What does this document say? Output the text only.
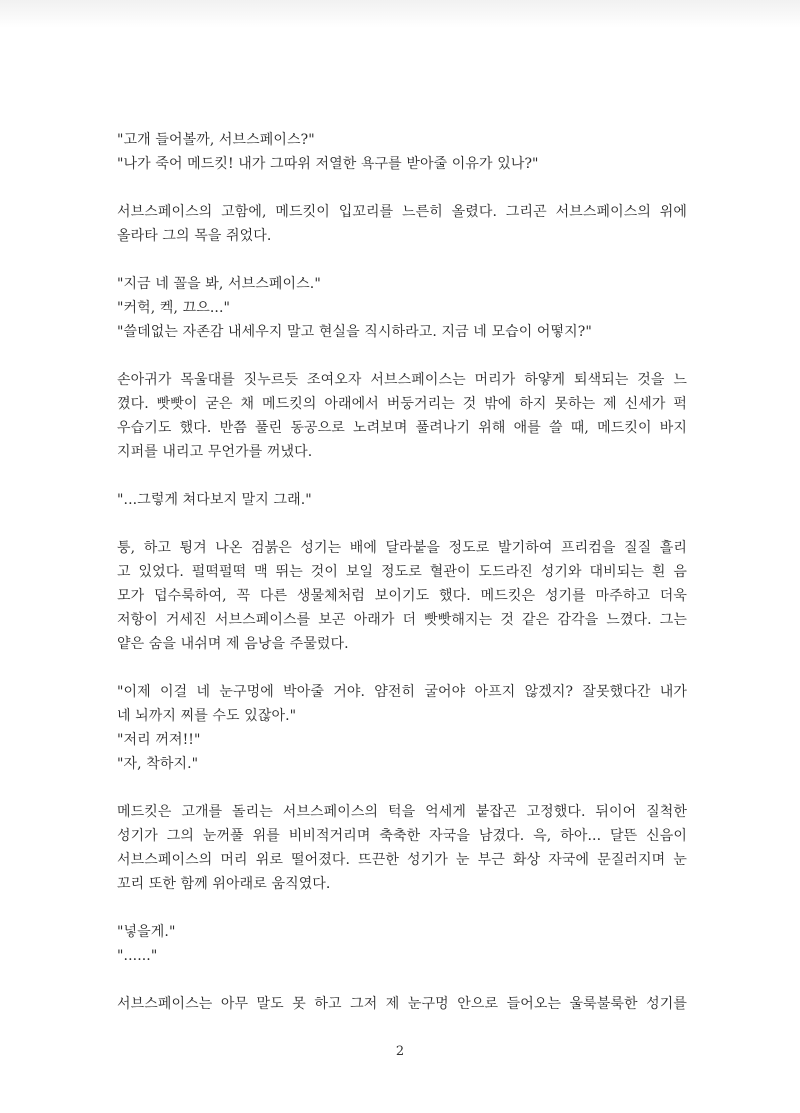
"고개 들어볼까, 서브스페이스?"
"나가 죽어 메드킷! 내가 그따위 저열한 욕구를 받아줄 이유가 있나?"
서브스페이스의 고함에, 메드킷이 입꼬리를 느른히 올렸다. 그리곤 서브스페이스의 위에
올라타 그의 목을 쥐었다.
"지금 네 꼴을 봐, 서브스페이스."
"커헉, 켁, 끄으..."
"쓸데없는 자존감 내세우지 말고 현실을 직시하라고. 지금 네 모습이 어떻지?"
손아귀가 목울대를 짓누르듯 조여오자 서브스페이스는 머리가 하얗게 퇴색되는 것을 느
꼈다. 빳빳이 굳은 채 메드킷의 아래에서 버둥거리는 것 밖에 하지 못하는 제 신세가 퍽
우습기도 했다. 반쯤 풀린 동공으로 노려보며 풀려나기 위해 애를 쓸 때, 메드킷이 바지
지퍼를 내리고 무언가를 꺼냈다.
"...그렇게 쳐다보지 말지 그래."
퉁, 하고 튕겨 나온 검붉은 성기는 배에 달라붙을 정도로 발기하여 프리컴을 질질 흘리
고 있었다. 펄떡펄떡 맥 뛰는 것이 보일 정도로 혈관이 도드라진 성기와 대비되는 흰 음
모가 덥수룩하여, 꼭 다른 생물체처럼 보이기도 했다. 메드킷은 성기를 마주하고 더욱
저항이 거세진 서브스페이스를 보곤 아래가 더 빳빳해지는 것 같은 감각을 느꼈다. 그는
얕은 숨을 내쉬며 제 음낭을 주물렀다.
"이제 이걸 네 눈구멍에 박아줄 거야. 얌전히 굴어야 아프지 않겠지? 잘못했다간 내가
네 뇌까지 찌를 수도 있잖아."
"저리 꺼져!!"
"자, 착하지."
메드킷은 고개를 돌리는 서브스페이스의 턱을 억세게 붙잡곤 고정했다. 뒤이어 질척한
성기가 그의 눈꺼풀 위를 비비적거리며 축축한 자국을 남겼다. 윽, 하아... 달뜬 신음이
서브스페이스의 머리 위로 떨어졌다. 뜨끈한 성기가 눈 부근 화상 자국에 문질러지며 눈
꼬리 또한 함께 위아래로 움직였다.
"넣을게."
"......"
서브스페이스는 아무 말도 못 하고 그저 제 눈구멍 안으로 들어오는 울룩불룩한 성기를
2
